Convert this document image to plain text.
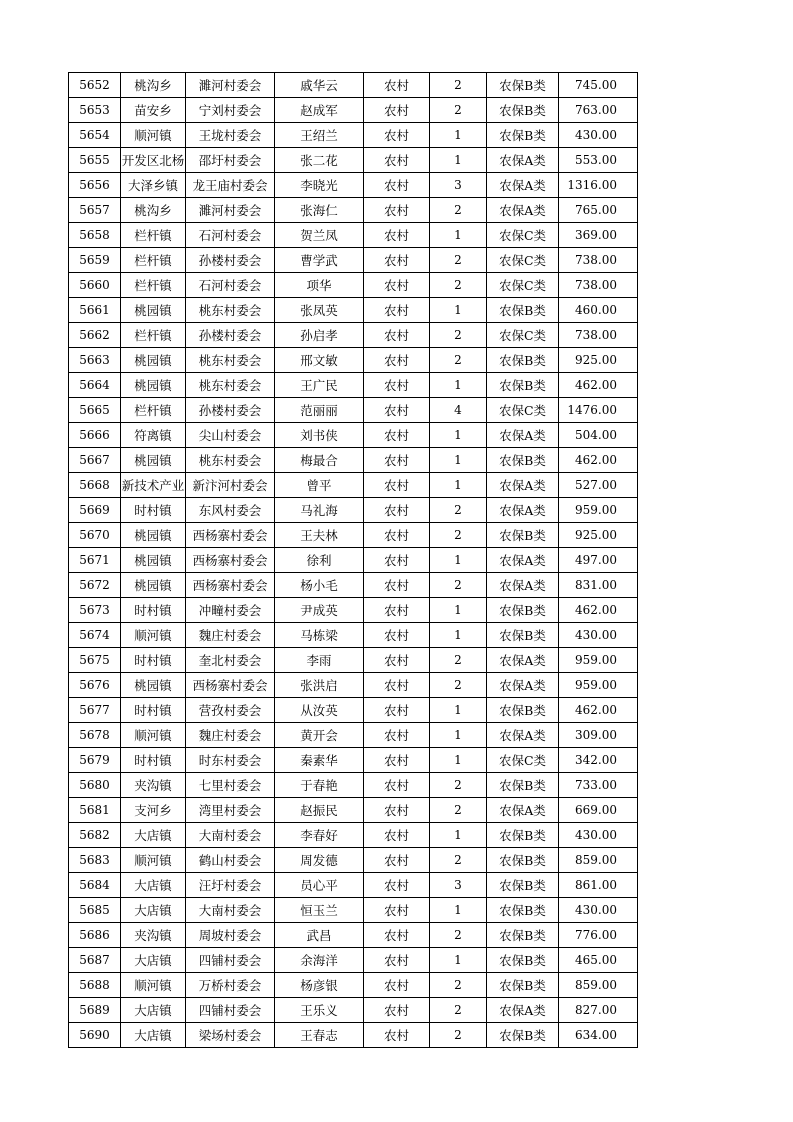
5652	桃沟乡	濉河村委会	戚华云	农村	2	农保B类	745.00
5653	苗安乡	宁刘村委会	赵成军	农村	2	农保B类	763.00
5654	顺河镇	王垅村委会	王绍兰	农村	1	农保B类	430.00
5655	开发区北杨	邵圩村委会	张二花	农村	1	农保A类	553.00
5656	大泽乡镇	龙王庙村委会	李晓光	农村	3	农保A类	1316.00
5657	桃沟乡	濉河村委会	张海仁	农村	2	农保A类	765.00
5658	栏杆镇	石河村委会	贺兰凤	农村	1	农保C类	369.00
5659	栏杆镇	孙楼村委会	曹学武	农村	2	农保C类	738.00
5660	栏杆镇	石河村委会	项华	农村	2	农保C类	738.00
5661	桃园镇	桃东村委会	张凤英	农村	1	农保B类	460.00
5662	栏杆镇	孙楼村委会	孙启孝	农村	2	农保C类	738.00
5663	桃园镇	桃东村委会	邢文敏	农村	2	农保B类	925.00
5664	桃园镇	桃东村委会	王广民	农村	1	农保B类	462.00
5665	栏杆镇	孙楼村委会	范丽丽	农村	4	农保C类	1476.00
5666	符离镇	尖山村委会	刘书侠	农村	1	农保A类	504.00
5667	桃园镇	桃东村委会	梅最合	农村	1	农保B类	462.00
5668	新技术产业	新汴河村委会	曾平	农村	1	农保A类	527.00
5669	时村镇	东风村委会	马礼海	农村	2	农保A类	959.00
5670	桃园镇	西杨寨村委会	王夫林	农村	2	农保B类	925.00
5671	桃园镇	西杨寨村委会	徐利	农村	1	农保A类	497.00
5672	桃园镇	西杨寨村委会	杨小毛	农村	2	农保A类	831.00
5673	时村镇	冲疃村委会	尹成英	农村	1	农保B类	462.00
5674	顺河镇	魏庄村委会	马栋梁	农村	1	农保B类	430.00
5675	时村镇	奎北村委会	李雨	农村	2	农保A类	959.00
5676	桃园镇	西杨寨村委会	张洪启	农村	2	农保A类	959.00
5677	时村镇	营孜村委会	从汝英	农村	1	农保B类	462.00
5678	顺河镇	魏庄村委会	黄开会	农村	1	农保A类	309.00
5679	时村镇	时东村委会	秦素华	农村	1	农保C类	342.00
5680	夹沟镇	七里村委会	于春艳	农村	2	农保B类	733.00
5681	支河乡	湾里村委会	赵振民	农村	2	农保A类	669.00
5682	大店镇	大南村委会	李春好	农村	1	农保B类	430.00
5683	顺河镇	鹤山村委会	周发德	农村	2	农保B类	859.00
5684	大店镇	汪圩村委会	员心平	农村	3	农保B类	861.00
5685	大店镇	大南村委会	恒玉兰	农村	1	农保B类	430.00
5686	夹沟镇	周坡村委会	武昌	农村	2	农保B类	776.00
5687	大店镇	四铺村委会	余海洋	农村	1	农保B类	465.00
5688	顺河镇	万桥村委会	杨彦银	农村	2	农保B类	859.00
5689	大店镇	四铺村委会	王乐义	农村	2	农保A类	827.00
5690	大店镇	梁场村委会	王春志	农村	2	农保B类	634.00
